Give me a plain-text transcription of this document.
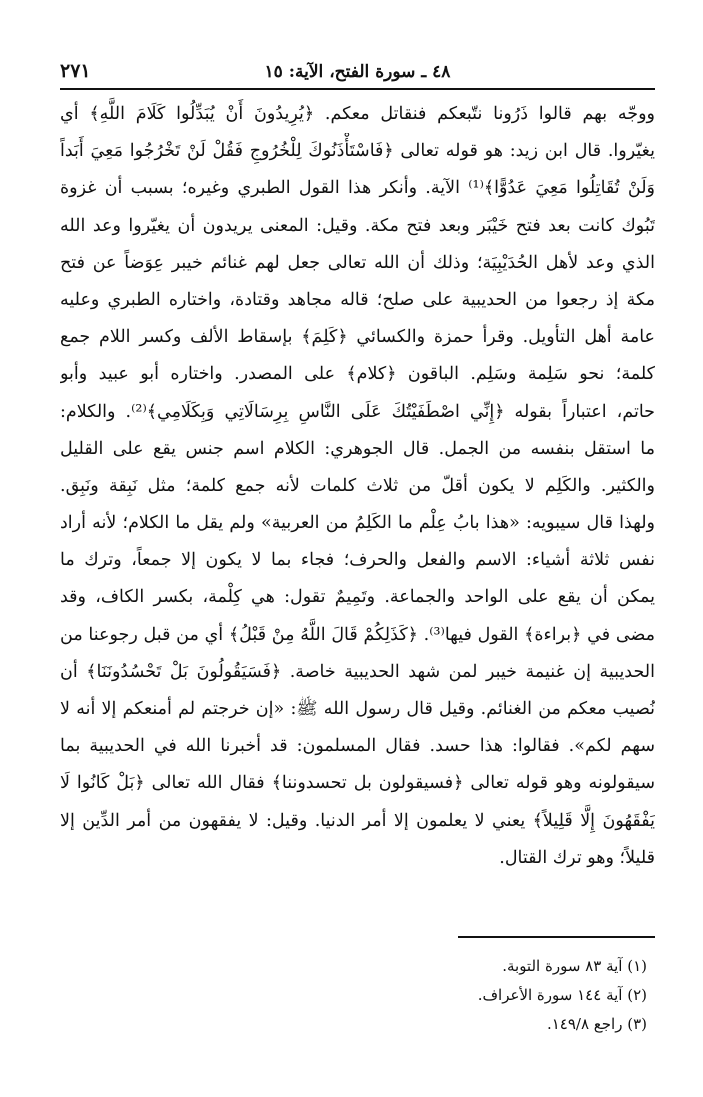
٢٧١	٤٨ ـ سورة الفتح، الآية: ١٥
ووجّه بهم قالوا ذَرُونا نتّبعكم فنقاتل معكم. ﴿يُرِيدُونَ أَنْ يُبَدِّلُوا كَلَامَ اللَّهِ﴾ أي
يغيّروا. قال ابن زيد: هو قوله تعالى ﴿فَاسْتَأْذَنُوكَ لِلْخُرُوجِ فَقُلْ لَنْ تَخْرُجُوا مَعِيَ أَبَداً
وَلَنْ تُقَاتِلُوا مَعِيَ عَدُوًّا﴾⁽¹⁾ الآية. وأنكر هذا القول الطبري وغيره؛ بسبب أن غزوة
تَبُوك كانت بعد فتح خَيْبَر وبعد فتح مكة. وقيل: المعنى يريدون أن يغيّروا وعد الله
الذي وعد لأهل الحُدَيْبِيَة؛ وذلك أن الله تعالى جعل لهم غنائم خيبر عِوَضاً عن فتح
مكة إذ رجعوا من الحديبية على صلح؛ قاله مجاهد وقتادة، واختاره الطبري وعليه
عامة أهل التأويل. وقرأ حمزة والكسائي ﴿كَلِمَ﴾ بإسقاط الألف وكسر اللام جمع
كلمة؛ نحو سَلِمة وسَلِم. الباقون ﴿كلام﴾ على المصدر. واختاره أبو عبيد وأبو
حاتم، اعتباراً بقوله ﴿إِنِّي اصْطَفَيْتُكَ عَلَى النَّاسِ بِرِسَالَاتِي وَبِكَلَامِي﴾⁽²⁾. والكلام:
ما استقل بنفسه من الجمل. قال الجوهري: الكلام اسم جنس يقع على القليل
والكثير. والكَلِم لا يكون أقلّ من ثلاث كلمات لأنه جمع كلمة؛ مثل نَبِقة ونَبِق.
ولهذا قال سيبويه: «هذا بابُ عِلْم ما الكَلِمُ من العربية» ولم يقل ما الكلام؛ لأنه أراد
نفس ثلاثة أشياء: الاسم والفعل والحرف؛ فجاء بما لا يكون إلا جمعاً، وترك ما
يمكن أن يقع على الواحد والجماعة. وتَمِيمٌ تقول: هي كِلْمة، بكسر الكاف، وقد
مضى في ﴿براءة﴾ القول فيها⁽³⁾. ﴿كَذَلِكُمْ قَالَ اللَّهُ مِنْ قَبْلُ﴾ أي من قبل رجوعنا من
الحديبية إن غنيمة خيبر لمن شهد الحديبية خاصة. ﴿فَسَيَقُولُونَ بَلْ تَحْسُدُونَنَا﴾ أن
نُصيب معكم من الغنائم. وقيل قال رسول الله ﷺ: «إن خرجتم لم أمنعكم إلا أنه لا
سهم لكم». فقالوا: هذا حسد. فقال المسلمون: قد أخبرنا الله في الحديبية بما
سيقولونه وهو قوله تعالى ﴿فسيقولون بل تحسدوننا﴾ فقال الله تعالى ﴿بَلْ كَانُوا لَا
يَفْقَهُونَ إِلَّا قَلِيلاً﴾ يعني لا يعلمون إلا أمر الدنيا. وقيل: لا يفقهون من أمر الدِّين إلا
قليلاً؛ وهو ترك القتال.
(١) آية ٨٣ سورة التوبة.
(٢) آية ١٤٤ سورة الأعراف.
(٣) راجع ١٤٩/٨.
